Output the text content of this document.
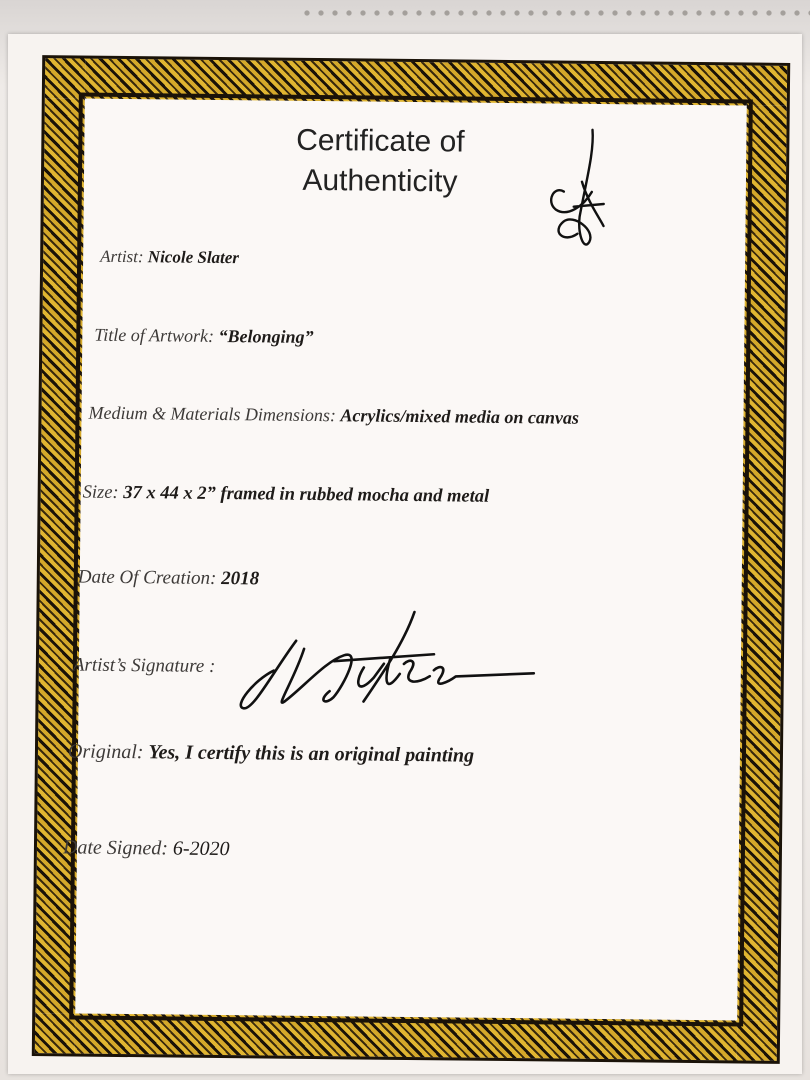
Certificate of
Authenticity
Artist: Nicole Slater
Title of Artwork: “Belonging”
Medium & Materials Dimensions: Acrylics/mixed media on canvas
Size: 37 x 44 x 2” framed in rubbed mocha and metal
Date Of Creation: 2018
Artist’s Signature :
Original: Yes, I certify this is an original painting
Date Signed: 6-2020
